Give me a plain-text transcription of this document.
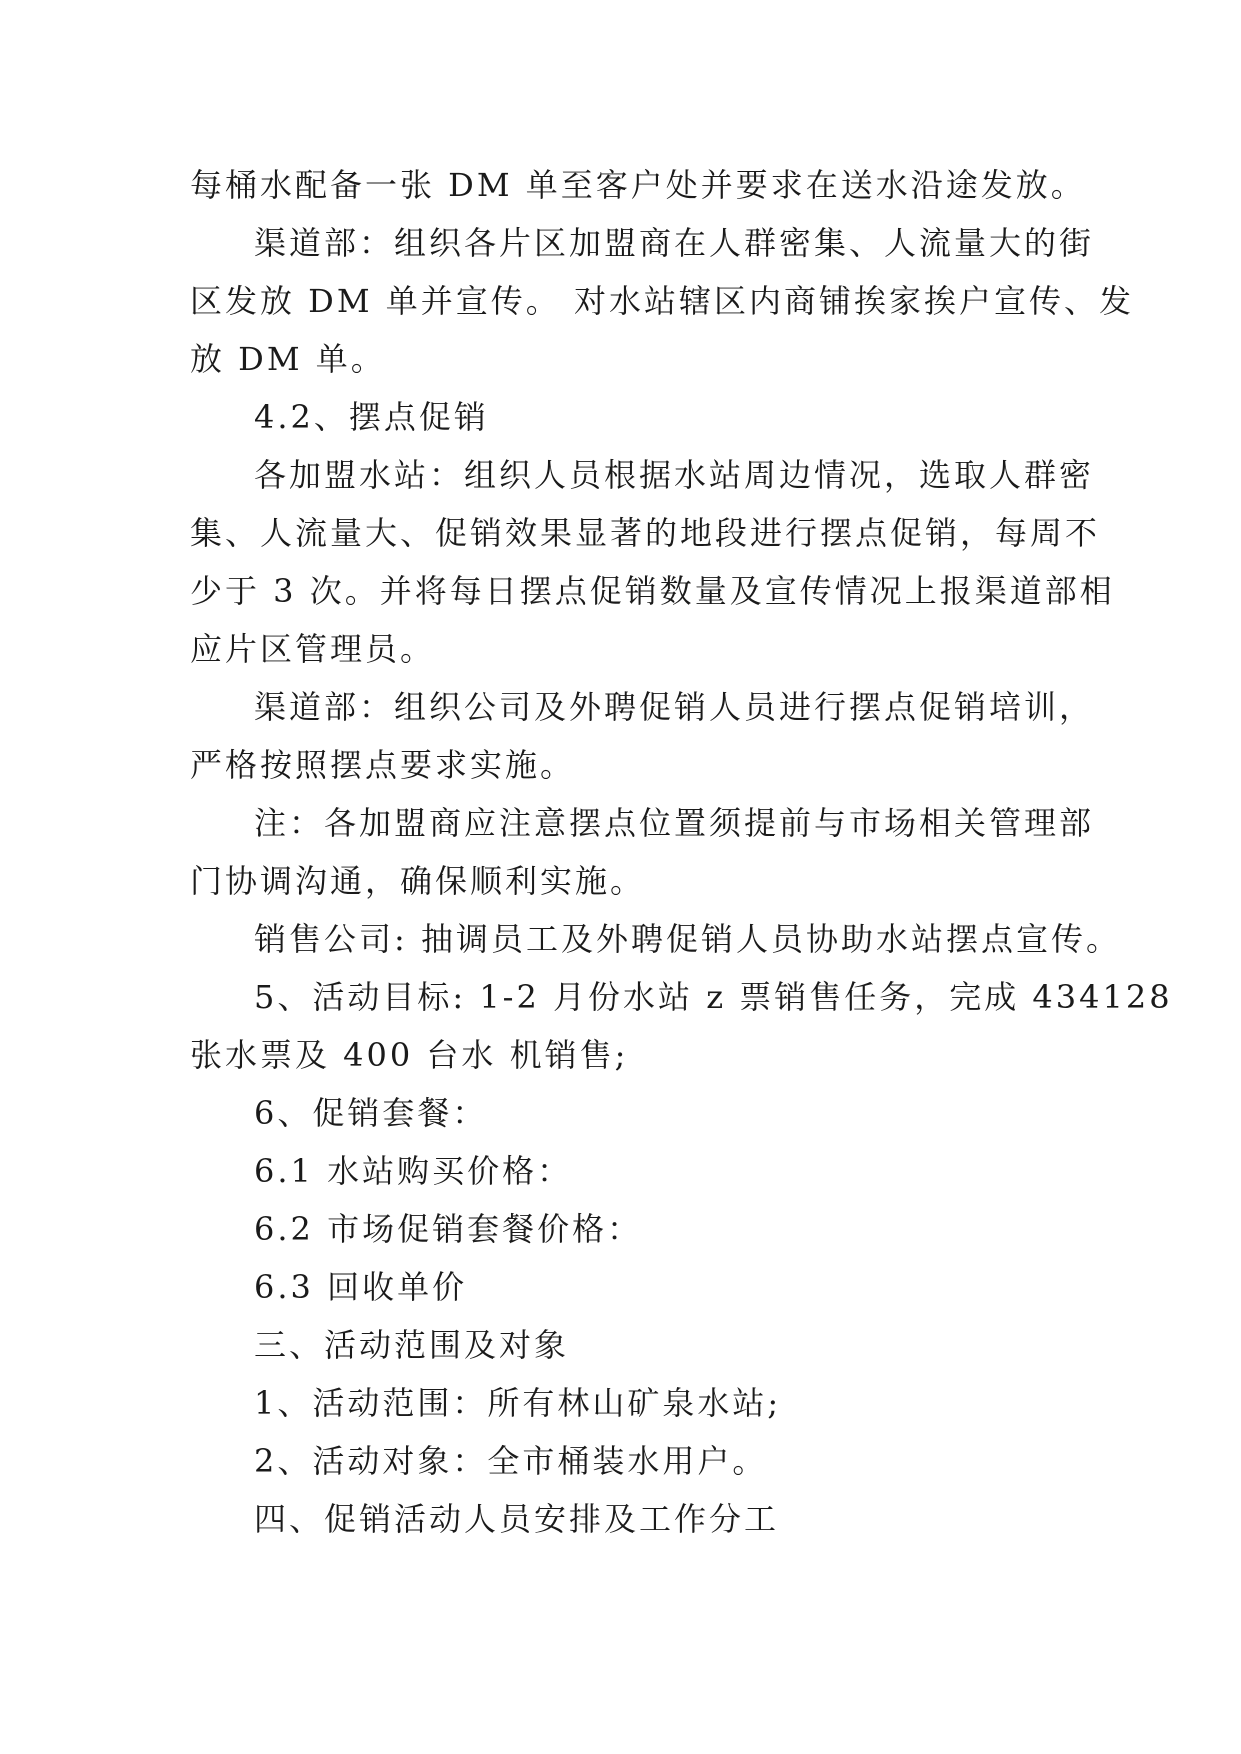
每桶水配备一张 DM 单至客户处并要求在送水沿途发放。
渠道部：组织各片区加盟商在人群密集、人流量大的街
区发放 DM 单并宣传。 对水站辖区内商铺挨家挨户宣传、发
放 DM 单。
4.2、摆点促销
各加盟水站：组织人员根据水站周边情况，选取人群密
集、人流量大、促销效果显著的地段进行摆点促销，每周不
少于 3 次。并将每日摆点促销数量及宣传情况上报渠道部相
应片区管理员。
渠道部：组织公司及外聘促销人员进行摆点促销培训，
严格按照摆点要求实施。
注：各加盟商应注意摆点位置须提前与市场相关管理部
门协调沟通，确保顺利实施。
销售公司: 抽调员工及外聘促销人员协助水站摆点宣传。
5、活动目标: 1-2 月份水站 z 票销售任务，完成 434128
张水票及 400 台水 机销售;
6、促销套餐：
6.1 水站购买价格：
6.2 市场促销套餐价格：
6.3 回收单价
三、活动范围及对象
1、活动范围：所有林山矿泉水站;
2、活动对象：全市桶装水用户。
四、促销活动人员安排及工作分工
